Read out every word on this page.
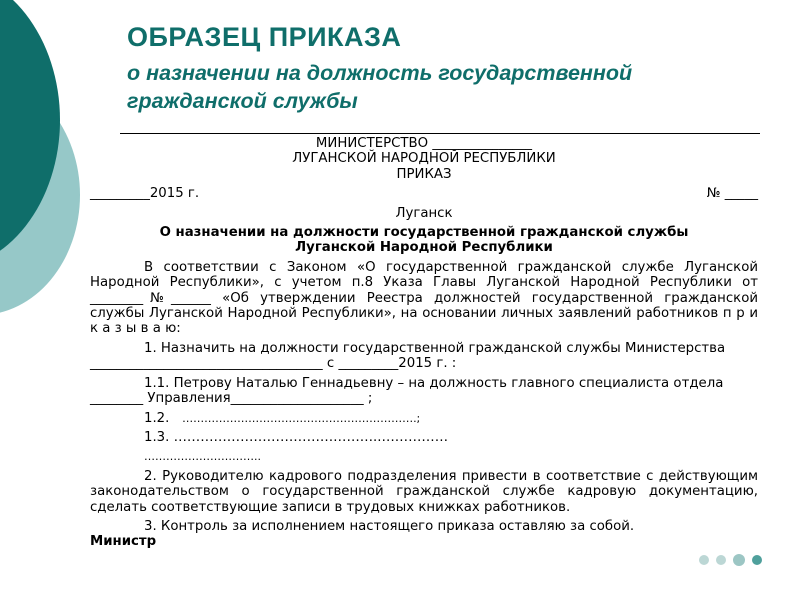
ОБРАЗЕЦ ПРИКАЗА

о назначении на должность государственной
гражданской службы

МИНИСТЕРСТВО _______________

ЛУГАНСКОЙ НАРОДНОЙ РЕСПУБЛИКИ

ПРИКАЗ

_________2015 г.	№ _____

Луганск

О назначении на должности государственной гражданской службы

Луганской Народной Республики

В соответствии с Законом «О государственной гражданской службе Луганской Народной Республики», с учетом п.8 Указа Главы Луганской Народной Республики от ________№______ «Об утверждении Реестра должностей государственной гражданской службы Луганской Народной Республики», на основании личных заявлений работников п р и к а з ы в а ю:

1. Назначить на должности государственной гражданской службы Министерства ___________________________________ с _________2015 г. :

1.1. Петрову Наталью Геннадьевну – на должность главного специалиста отдела ________ Управления____________________ ;

1.2. ……………………………………………………….;

1.3. ………………………………………..……………

…………………………..

2. Руководителю кадрового подразделения привести в соответствие с действующим законодательством о государственной гражданской службе кадровую документацию, сделать соответствующие записи в трудовых книжках работников.

3. Контроль за исполнением настоящего приказа оставляю за собой.

Министр
